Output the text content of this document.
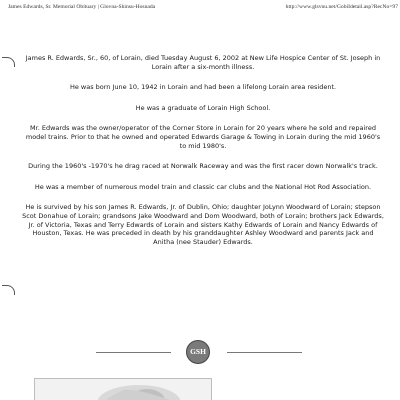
James Edwards, Sr. Memorial Obituary | Glovna-Shinsu-Hosnada	http://www.glsvnu.net/GobiIdetail.asp?RecNo=97

James R. Edwards, Sr., 60, of Lorain, died Tuesday August 6, 2002 at New Life Hospice Center of St. Joseph in Lorain after a six-month illness.

He was born June 10, 1942 in Lorain and had been a lifelong Lorain area resident.

He was a graduate of Lorain High School.

Mr. Edwards was the owner/operator of the Corner Store in Lorain for 20 years where he sold and repaired model trains. Prior to that he owned and operated Edwards Garage & Towing in Lorain during the mid 1960's to mid 1980's.

During the 1960's -1970's he drag raced at Norwalk Raceway and was the first racer down Norwalk's track.

He was a member of numerous model train and classic car clubs and the National Hot Rod Association.

He is survived by his son James R. Edwards, Jr. of Dublin, Ohio; daughter JoLynn Woodward of Lorain; stepson Scot Donahue of Lorain; grandsons Jake Woodward and Dom Woodward, both of Lorain; brothers Jack Edwards, Jr. of Victoria, Texas and Terry Edwards of Lorain and sisters Kathy Edwards of Lorain and Nancy Edwards of Houston, Texas. He was preceded in death by his granddaughter Ashley Woodward and parents Jack and Anitha (nee Stauder) Edwards.

GSH
